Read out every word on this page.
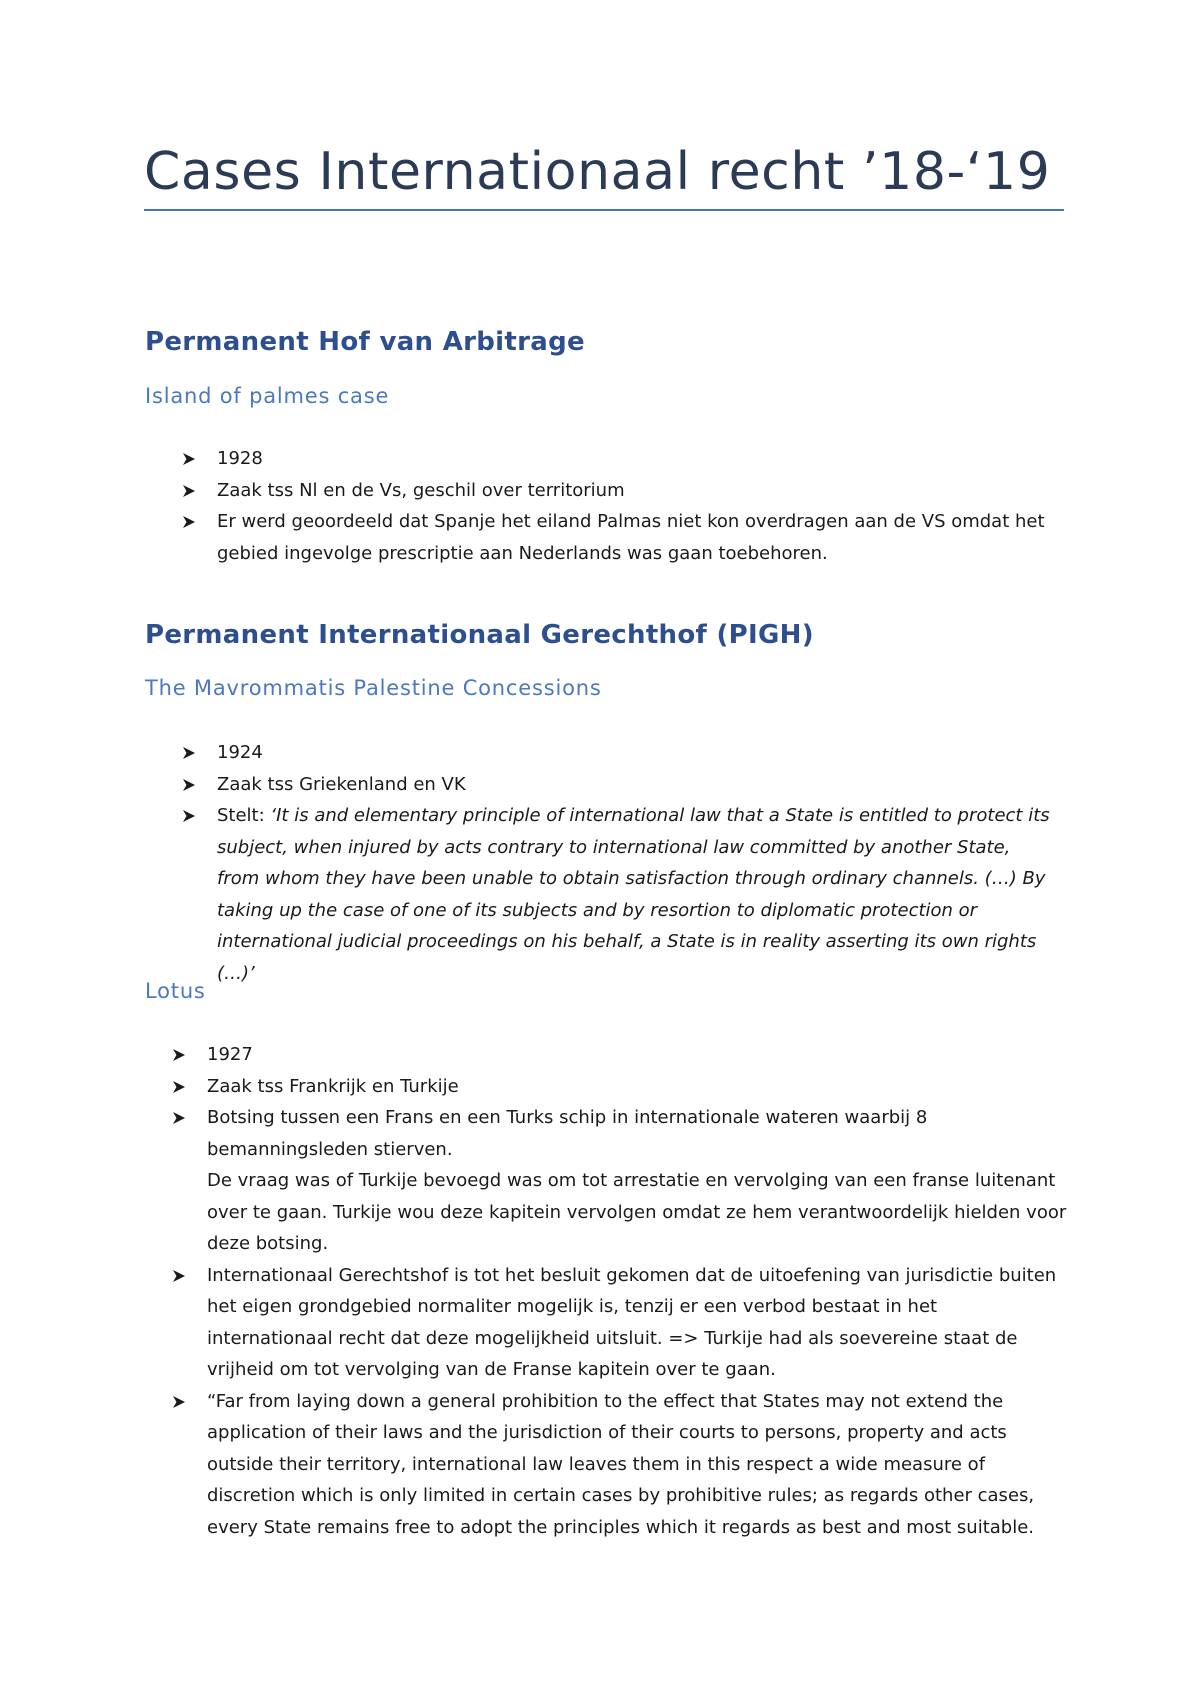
Cases Internationaal recht ’18-‘19
Permanent Hof van Arbitrage
Island of palmes case
1928
Zaak tss Nl en de Vs, geschil over territorium
Er werd geoordeeld dat Spanje het eiland Palmas niet kon overdragen aan de VS omdat het gebied ingevolge prescriptie aan Nederlands was gaan toebehoren.
Permanent Internationaal Gerechthof (PIGH)
The Mavrommatis Palestine Concessions
1924
Zaak tss Griekenland en VK
Stelt: ‘It is and elementary principle of international law that a State is entitled to protect its subject, when injured by acts contrary to international law committed by another State, from whom they have been unable to obtain satisfaction through ordinary channels. (…) By taking up the case of one of its subjects and by resortion to diplomatic protection or international judicial proceedings on his behalf, a State is in reality asserting its own rights (…)’
Lotus
1927
Zaak tss Frankrijk en Turkije

Botsing tussen een Frans en een Turks schip in internationale wateren waarbij 8 bemanningsleden stierven.

De vraag was of Turkije bevoegd was om tot arrestatie en vervolging van een franse luitenant over te gaan. Turkije wou deze kapitein vervolgen omdat ze hem verantwoordelijk hielden voor deze botsing.

Internationaal Gerechtshof is tot het besluit gekomen dat de uitoefening van jurisdictie buiten het eigen grondgebied normaliter mogelijk is, tenzij er een verbod bestaat in het internationaal recht dat deze mogelijkheid uitsluit. => Turkije had als soevereine staat de vrijheid om tot vervolging van de Franse kapitein over te gaan.
“Far from laying down a general prohibition to the effect that States may not extend the application of their laws and the jurisdiction of their courts to persons, property and acts outside their territory, international law leaves them in this respect a wide measure of discretion which is only limited in certain cases by prohibitive rules; as regards other cases, every State remains free to adopt the principles which it regards as best and most suitable.
